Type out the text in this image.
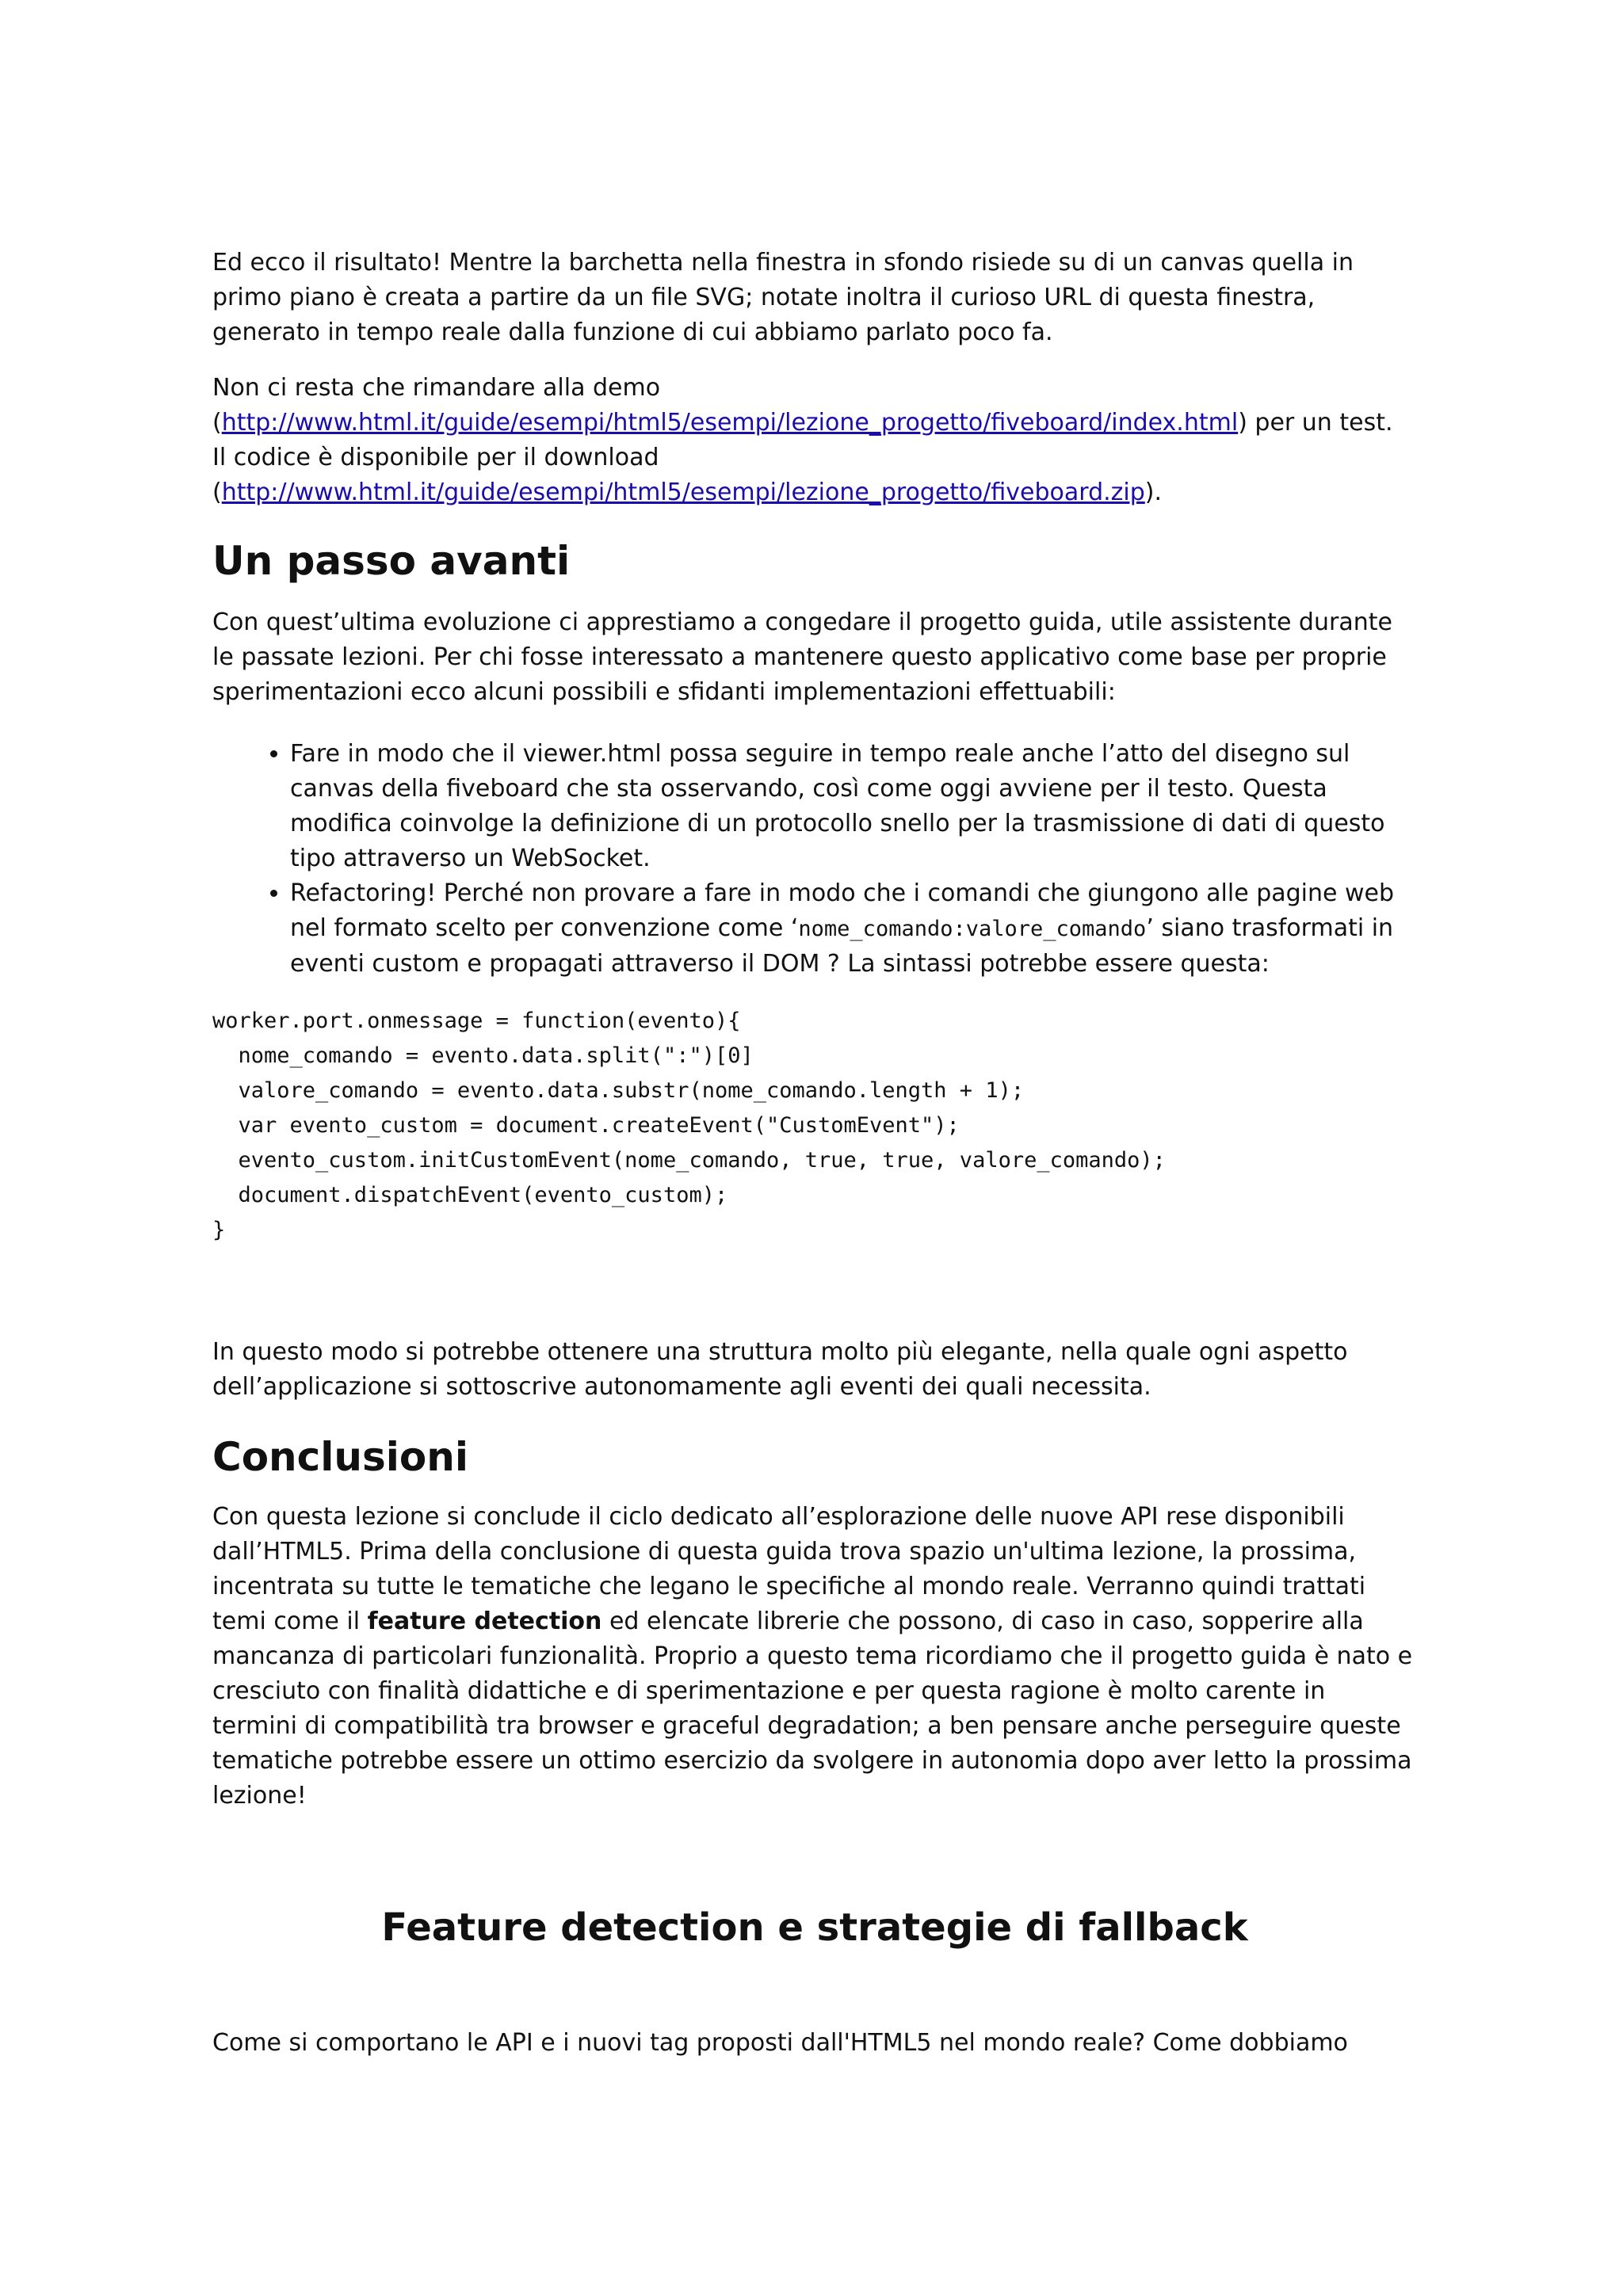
Ed ecco il risultato! Mentre la barchetta nella finestra in sfondo risiede su di un canvas quella in primo piano è creata a partire da un file SVG; notate inoltra il curioso URL di questa finestra, generato in tempo reale dalla funzione di cui abbiamo parlato poco fa.

Non ci resta che rimandare alla demo
(http://www.html.it/guide/esempi/html5/esempi/lezione_progetto/fiveboard/index.html) per un test.
Il codice è disponibile per il download
(http://www.html.it/guide/esempi/html5/esempi/lezione_progetto/fiveboard.zip).

Un passo avanti

Con quest’ultima evoluzione ci apprestiamo a congedare il progetto guida, utile assistente durante le passate lezioni. Per chi fosse interessato a mantenere questo applicativo come base per proprie sperimentazioni ecco alcuni possibili e sfidanti implementazioni effettuabili:

• Fare in modo che il viewer.html possa seguire in tempo reale anche l’atto del disegno sul canvas della fiveboard che sta osservando, così come oggi avviene per il testo. Questa modifica coinvolge la definizione di un protocollo snello per la trasmissione di dati di questo tipo attraverso un WebSocket.
• Refactoring! Perché non provare a fare in modo che i comandi che giungono alle pagine web nel formato scelto per convenzione come ‘nome_comando:valore_comando’ siano trasformati in eventi custom e propagati attraverso il DOM ? La sintassi potrebbe essere questa:
worker.port.onmessage = function(evento){
nome_comando = evento.data.split(":")[0]
valore_comando = evento.data.substr(nome_comando.length + 1);
var evento_custom = document.createEvent("CustomEvent");
evento_custom.initCustomEvent(nome_comando, true, true, valore_comando);
document.dispatchEvent(evento_custom);
}

In questo modo si potrebbe ottenere una struttura molto più elegante, nella quale ogni aspetto dell’applicazione si sottoscrive autonomamente agli eventi dei quali necessita.

Conclusioni

Con questa lezione si conclude il ciclo dedicato all’esplorazione delle nuove API rese disponibili dall’HTML5. Prima della conclusione di questa guida trova spazio un'ultima lezione, la prossima, incentrata su tutte le tematiche che legano le specifiche al mondo reale. Verranno quindi trattati temi come il feature detection ed elencate librerie che possono, di caso in caso, sopperire alla mancanza di particolari funzionalità. Proprio a questo tema ricordiamo che il progetto guida è nato e cresciuto con finalità didattiche e di sperimentazione e per questa ragione è molto carente in termini di compatibilità tra browser e graceful degradation; a ben pensare anche perseguire queste tematiche potrebbe essere un ottimo esercizio da svolgere in autonomia dopo aver letto la prossima lezione!

Feature detection e strategie di fallback

Come si comportano le API e i nuovi tag proposti dall'HTML5 nel mondo reale? Come dobbiamo
